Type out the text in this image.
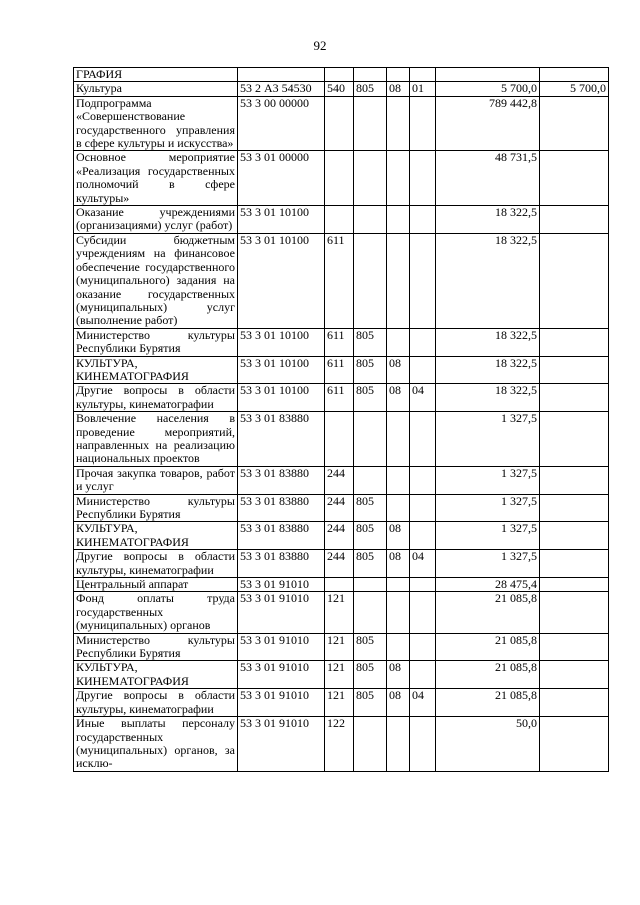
92
ГРАФИЯ							
Культура	53 2 А3 54530	540	805	08	01	5 700,0	5 700,0
Подпрограмма «Совершенствование государственного управления в сфере культуры и искусства»	53 3 00 00000					789 442,8	
Основное мероприятие «Реализация государственных полномочий в сфере культуры»	53 3 01 00000					48 731,5	
Оказание учреждениями (организациями) услуг (работ)	53 3 01 10100					18 322,5	
Субсидии бюджетным учреждениям на финансовое обеспечение государственного (муниципального) задания на оказание государственных (муниципальных) услуг (выполнение работ)	53 3 01 10100	611				18 322,5	
Министерство культуры Республики Бурятия	53 3 01 10100	611	805			18 322,5	
КУЛЬТУРА, КИНЕМАТОГРАФИЯ	53 3 01 10100	611	805	08		18 322,5	
Другие вопросы в области культуры, кинематографии	53 3 01 10100	611	805	08	04	18 322,5	
Вовлечение населения в проведение мероприятий, направленных на реализацию национальных проектов	53 3 01 83880					1 327,5	
Прочая закупка товаров, работ и услуг	53 3 01 83880	244				1 327,5	
Министерство культуры Республики Бурятия	53 3 01 83880	244	805			1 327,5	
КУЛЬТУРА, КИНЕМАТОГРАФИЯ	53 3 01 83880	244	805	08		1 327,5	
Другие вопросы в области культуры, кинематографии	53 3 01 83880	244	805	08	04	1 327,5	
Центральный аппарат	53 3 01 91010					28 475,4	
Фонд оплаты труда государственных (муниципальных) органов	53 3 01 91010	121				21 085,8	
Министерство культуры Республики Бурятия	53 3 01 91010	121	805			21 085,8	
КУЛЬТУРА, КИНЕМАТОГРАФИЯ	53 3 01 91010	121	805	08		21 085,8	
Другие вопросы в области культуры, кинематографии	53 3 01 91010	121	805	08	04	21 085,8	
Иные выплаты персоналу государственных (муниципальных) органов, за исклю-	53 3 01 91010	122				50,0	
